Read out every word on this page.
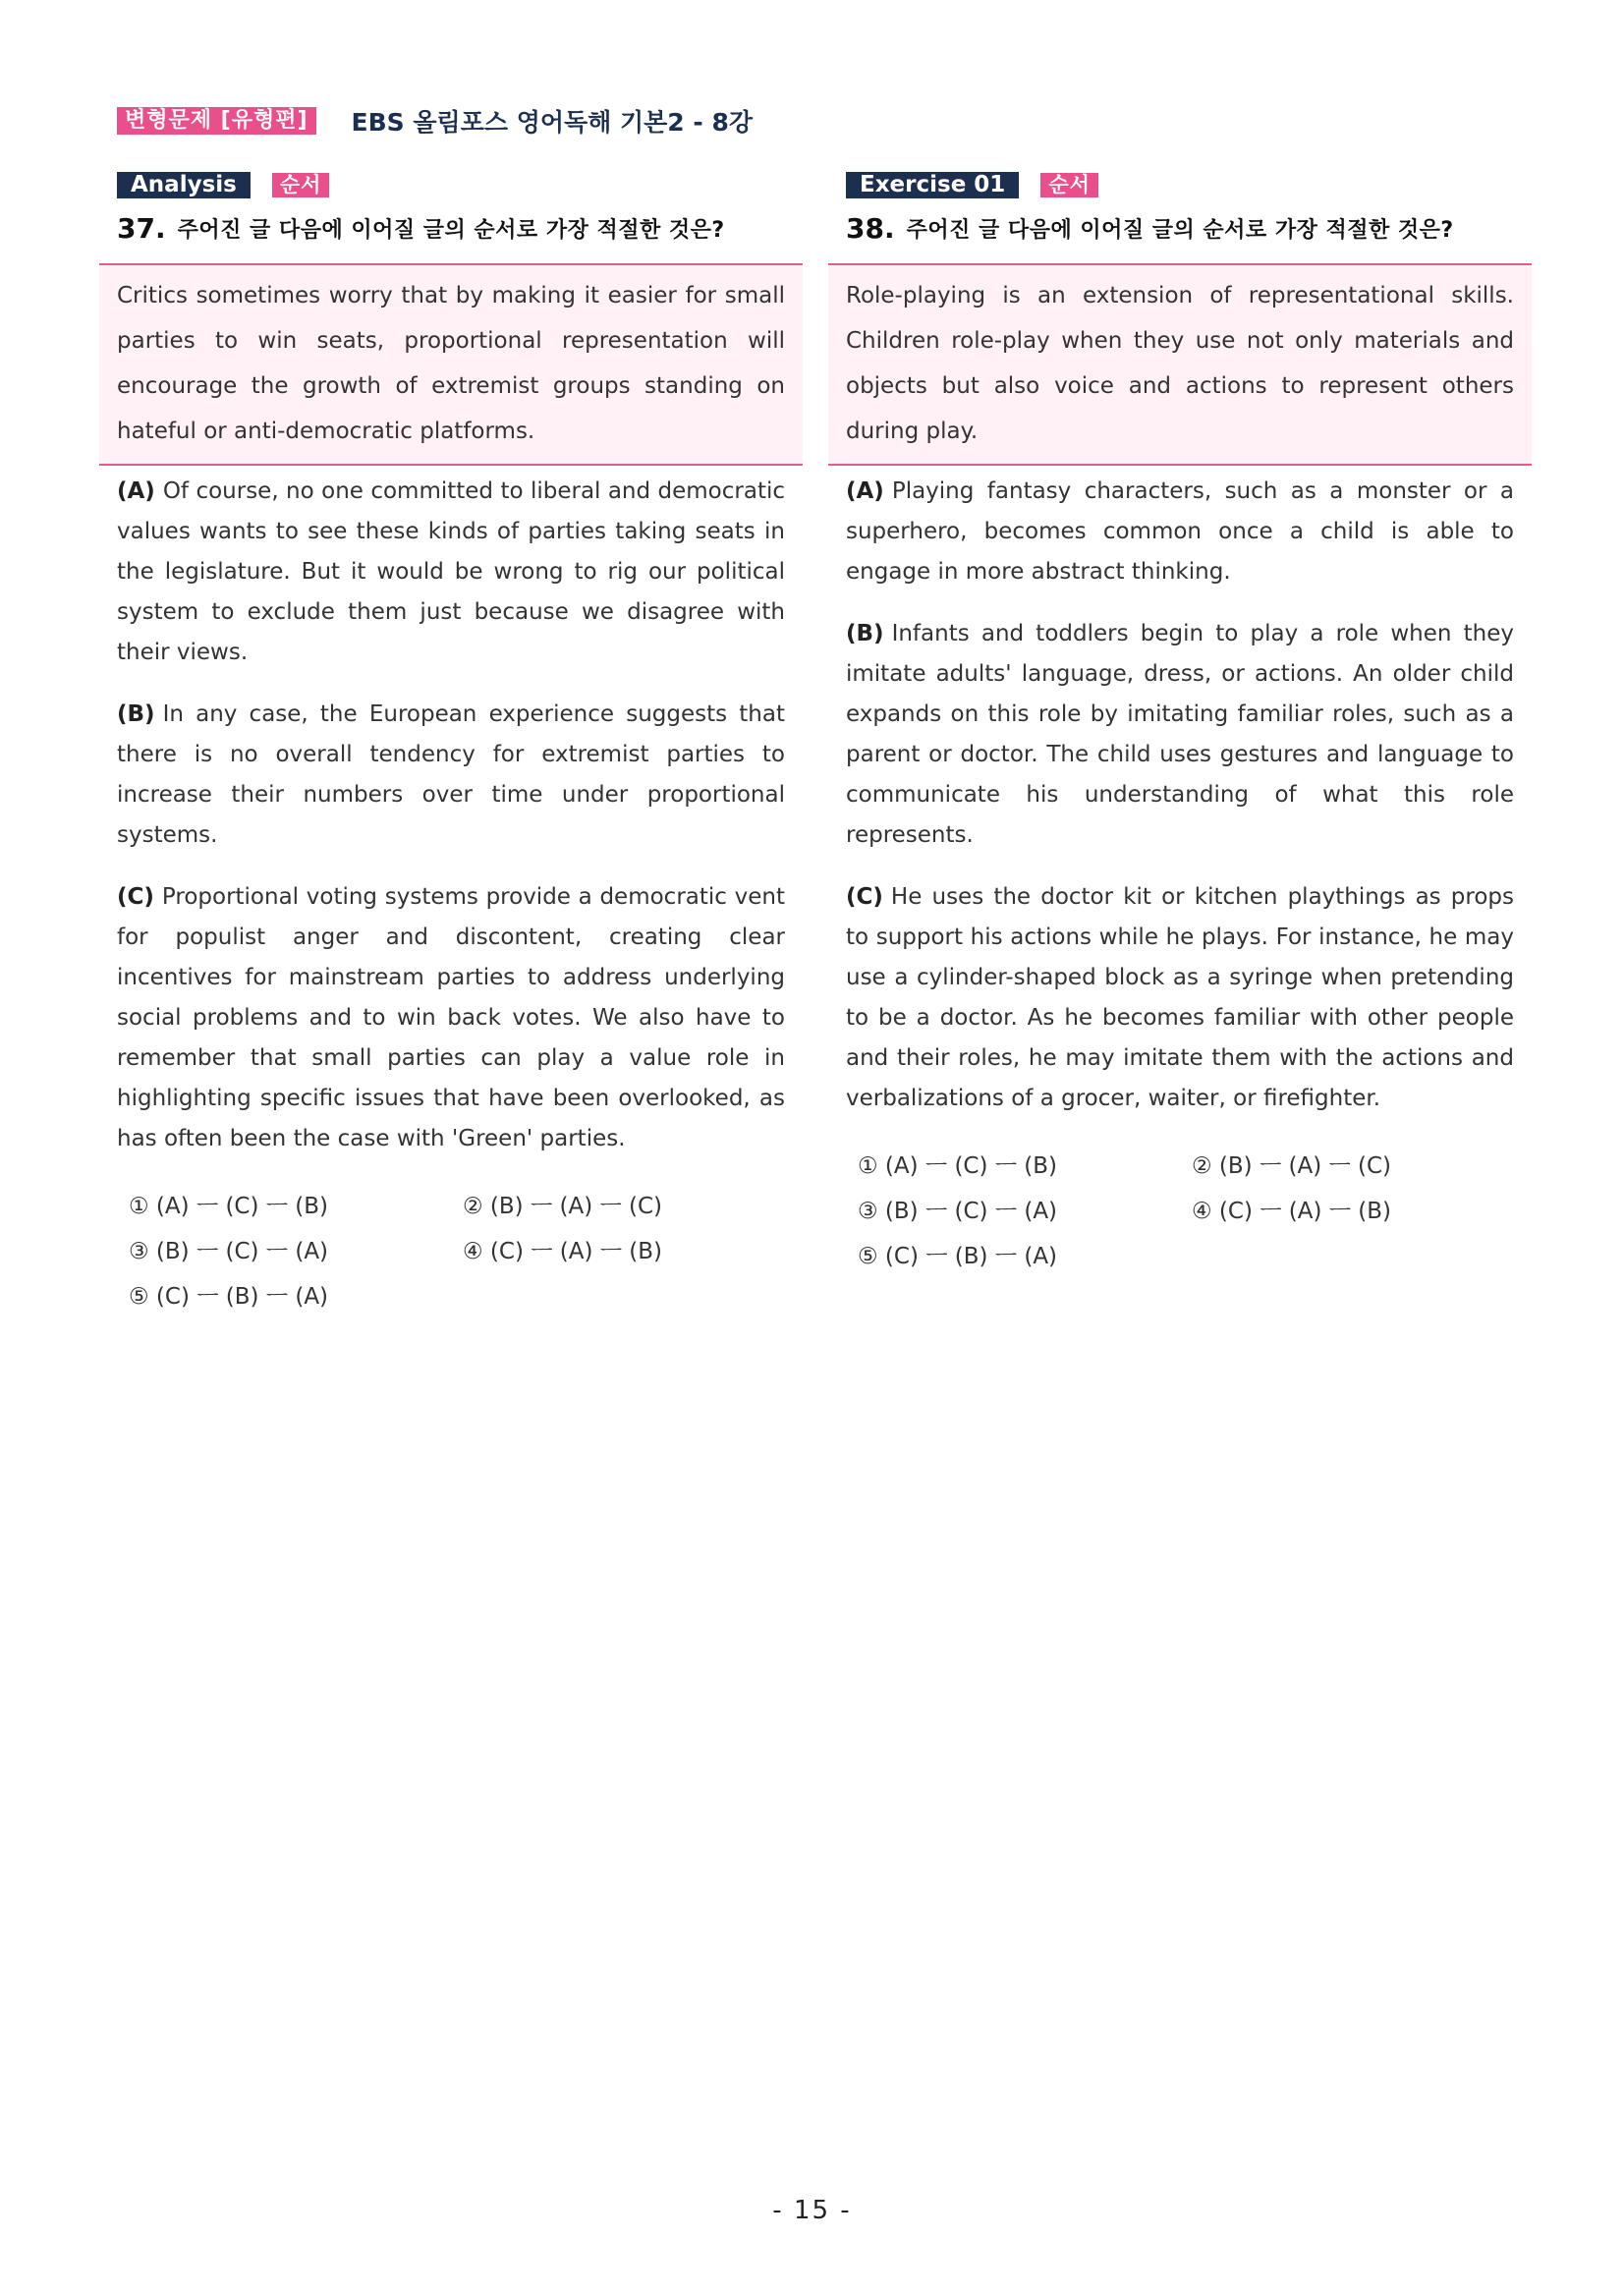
변형문제 [유형편]	EBS 올림포스 영어독해 기본2 - 8강
Analysis	순서
37. 주어진 글 다음에 이어질 글의 순서로 가장 적절한 것은?

Critics sometimes worry that by making it easier for small parties to win seats, proportional representation will encourage the growth of extremist groups standing on hateful or anti-democratic platforms.

(A) Of course, no one committed to liberal and democratic values wants to see these kinds of parties taking seats in the legislature. But it would be wrong to rig our political system to exclude them just because we disagree with their views.

(B) In any case, the European experience suggests that there is no overall tendency for extremist parties to increase their numbers over time under proportional systems.

(C) Proportional voting systems provide a democratic vent for populist anger and discontent, creating clear incentives for mainstream parties to address underlying social problems and to win back votes. We also have to remember that small parties can play a value role in highlighting specific issues that have been overlooked, as has often been the case with 'Green' parties.

① (A) ㅡ (C) ㅡ (B)	② (B) ㅡ (A) ㅡ (C)
③ (B) ㅡ (C) ㅡ (A)	④ (C) ㅡ (A) ㅡ (B)
⑤ (C) ㅡ (B) ㅡ (A)
Exercise 01	순서
38. 주어진 글 다음에 이어질 글의 순서로 가장 적절한 것은?

Role-playing is an extension of representational skills. Children role-play when they use not only materials and objects but also voice and actions to represent others during play.

(A) Playing fantasy characters, such as a monster or a superhero, becomes common once a child is able to engage in more abstract thinking.

(B) Infants and toddlers begin to play a role when they imitate adults' language, dress, or actions. An older child expands on this role by imitating familiar roles, such as a parent or doctor. The child uses gestures and language to communicate his understanding of what this role represents.

(C) He uses the doctor kit or kitchen playthings as props to support his actions while he plays. For instance, he may use a cylinder-shaped block as a syringe when pretending to be a doctor. As he becomes familiar with other people and their roles, he may imitate them with the actions and verbalizations of a grocer, waiter, or firefighter.

① (A) ㅡ (C) ㅡ (B)	② (B) ㅡ (A) ㅡ (C)
③ (B) ㅡ (C) ㅡ (A)	④ (C) ㅡ (A) ㅡ (B)
⑤ (C) ㅡ (B) ㅡ (A)
- 15 -
